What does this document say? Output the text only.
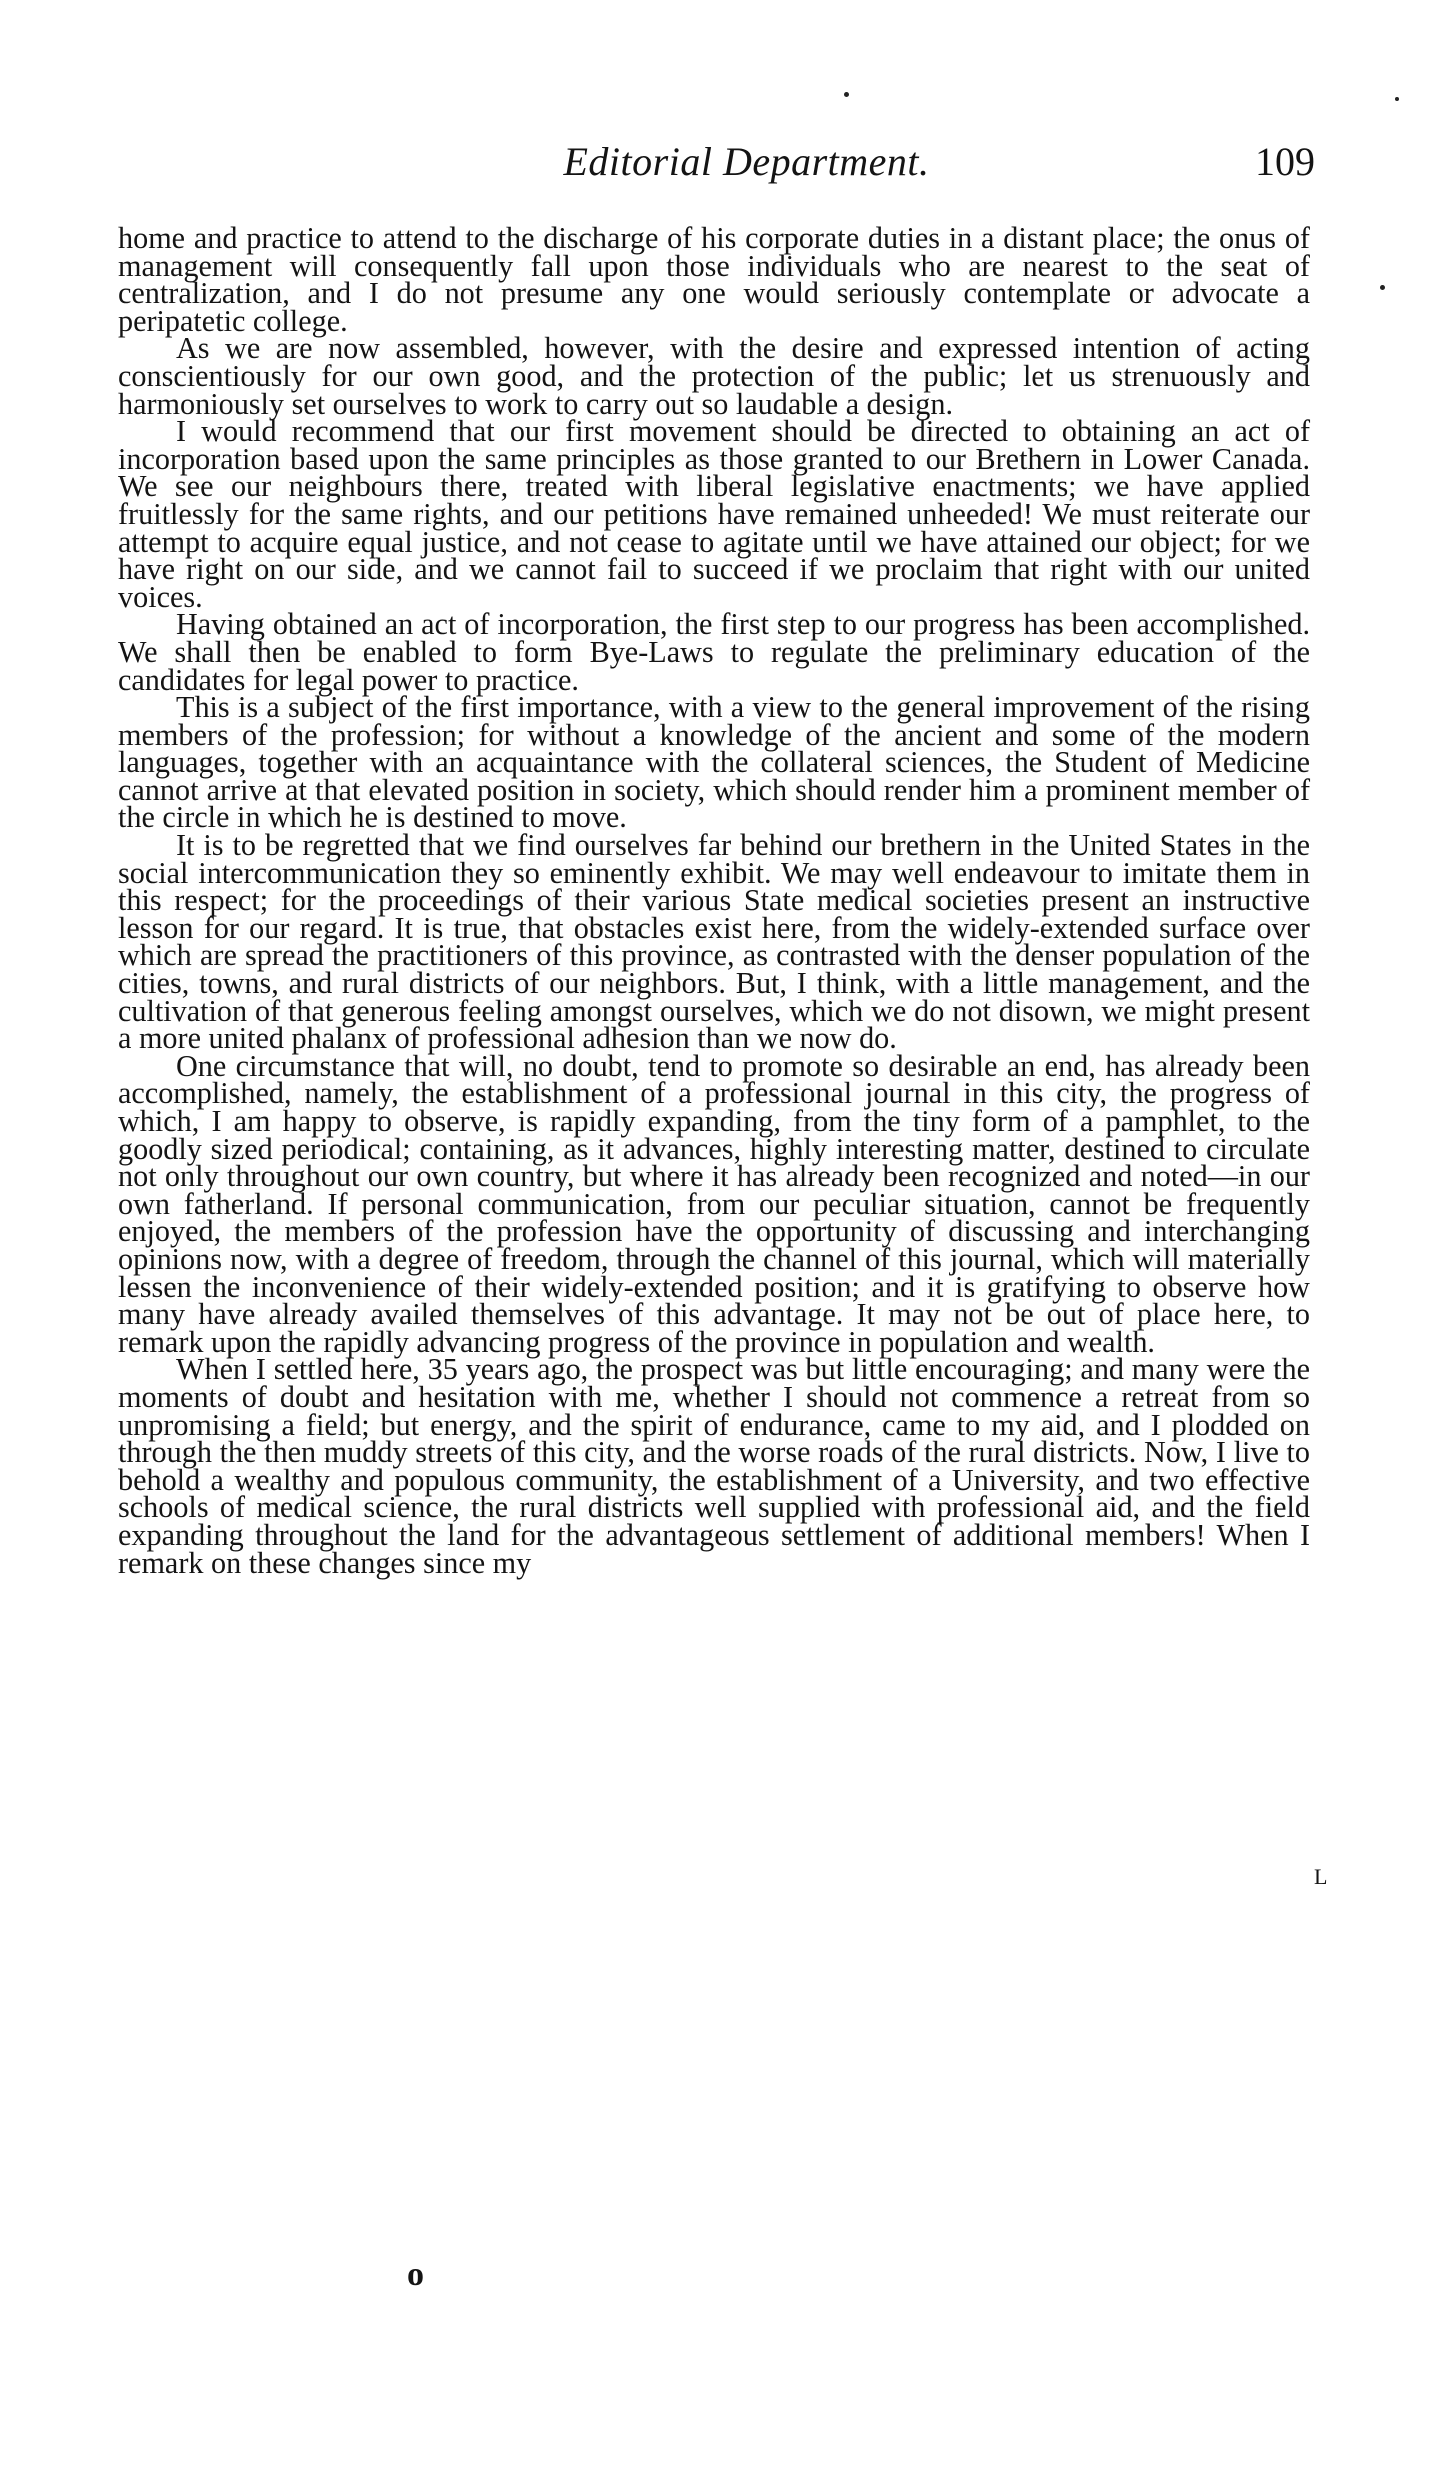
Editorial Department.	109

home and practice to attend to the discharge of his corporate duties in a distant place; the onus of management will consequently fall upon those individuals who are nearest to the seat of centralization, and I do not presume any one would seriously contemplate or advocate a peripatetic college.

As we are now assembled, however, with the desire and expressed intention of acting conscientiously for our own good, and the protection of the public; let us strenuously and harmoniously set ourselves to work to carry out so laudable a design.

I would recommend that our first movement should be directed to obtaining an act of incorporation based upon the same principles as those granted to our Brethern in Lower Canada. We see our neighbours there, treated with liberal legislative enactments; we have applied fruitlessly for the same rights, and our petitions have remained unheeded! We must reiterate our attempt to acquire equal justice, and not cease to agitate until we have attained our object; for we have right on our side, and we cannot fail to succeed if we proclaim that right with our united voices.

Having obtained an act of incorporation, the first step to our progress has been accomplished. We shall then be enabled to form Bye-Laws to regulate the preliminary education of the candidates for legal power to practice.

This is a subject of the first importance, with a view to the general improvement of the rising members of the profession; for without a knowledge of the ancient and some of the modern languages, together with an acquaintance with the collateral sciences, the Student of Medicine cannot arrive at that elevated position in society, which should render him a prominent member of the circle in which he is destined to move.

It is to be regretted that we find ourselves far behind our brethern in the United States in the social intercommunication they so eminently exhibit. We may well endeavour to imitate them in this respect; for the proceedings of their various State medical societies present an instructive lesson for our regard. It is true, that obstacles exist here, from the widely-extended surface over which are spread the practitioners of this province, as contrasted with the denser population of the cities, towns, and rural districts of our neighbors. But, I think, with a little management, and the cultivation of that generous feeling amongst ourselves, which we do not disown, we might present a more united phalanx of professional adhesion than we now do.

One circumstance that will, no doubt, tend to promote so desirable an end, has already been accomplished, namely, the establishment of a professional journal in this city, the progress of which, I am happy to observe, is rapidly expanding, from the tiny form of a pamphlet, to the goodly sized periodical; containing, as it advances, highly interesting matter, destined to circulate not only throughout our own country, but where it has already been recognized and noted—in our own fatherland. If personal communication, from our peculiar situation, cannot be frequently enjoyed, the members of the profession have the opportunity of discussing and interchanging opinions now, with a degree of freedom, through the channel of this journal, which will materially lessen the inconvenience of their widely-extended position; and it is gratifying to observe how many have already availed themselves of this advantage. It may not be out of place here, to remark upon the rapidly advancing progress of the province in population and wealth.

When I settled here, 35 years ago, the prospect was but little encouraging; and many were the moments of doubt and hesitation with me, whether I should not commence a retreat from so unpromising a field; but energy, and the spirit of endurance, came to my aid, and I plodded on through the then muddy streets of this city, and the worse roads of the rural districts. Now, I live to behold a wealthy and populous community, the establishment of a University, and two effective schools of medical science, the rural districts well supplied with professional aid, and the field expanding throughout the land for the advantageous settlement of additional members! When I remark on these changes since my

L
o
